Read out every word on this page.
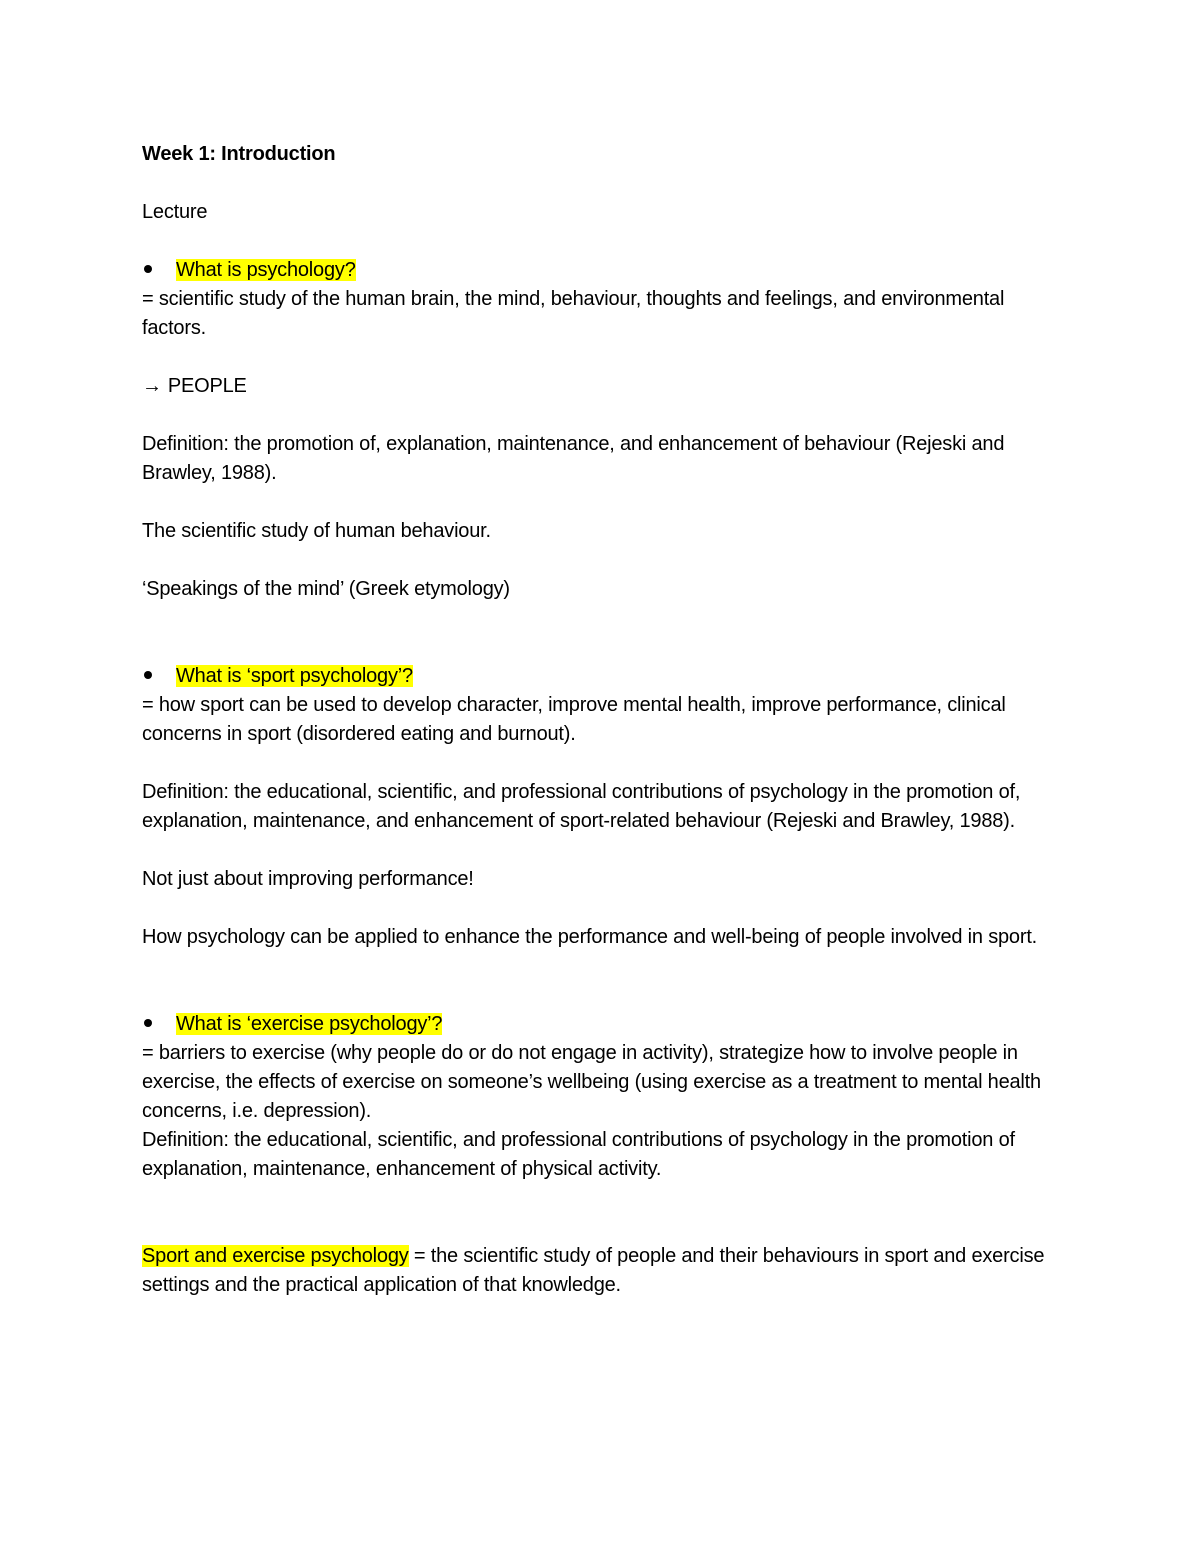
Week 1: Introduction

Lecture

What is psychology?

= scientific study of the human brain, the mind, behaviour, thoughts and feelings, and environmental factors.

→ PEOPLE

Definition: the promotion of, explanation, maintenance, and enhancement of behaviour (Rejeski and Brawley, 1988).

The scientific study of human behaviour.

‘Speakings of the mind’ (Greek etymology)

What is ‘sport psychology’?

= how sport can be used to develop character, improve mental health, improve performance, clinical concerns in sport (disordered eating and burnout).

Definition: the educational, scientific, and professional contributions of psychology in the promotion of, explanation, maintenance, and enhancement of sport-related behaviour (Rejeski and Brawley, 1988).

Not just about improving performance!

How psychology can be applied to enhance the performance and well-being of people involved in sport.

What is ‘exercise psychology’?

= barriers to exercise (why people do or do not engage in activity), strategize how to involve people in exercise, the effects of exercise on someone’s wellbeing (using exercise as a treatment to mental health concerns, i.e. depression).

Definition: the educational, scientific, and professional contributions of psychology in the promotion of explanation, maintenance, enhancement of physical activity.

Sport and exercise psychology = the scientific study of people and their behaviours in sport and exercise settings and the practical application of that knowledge.
